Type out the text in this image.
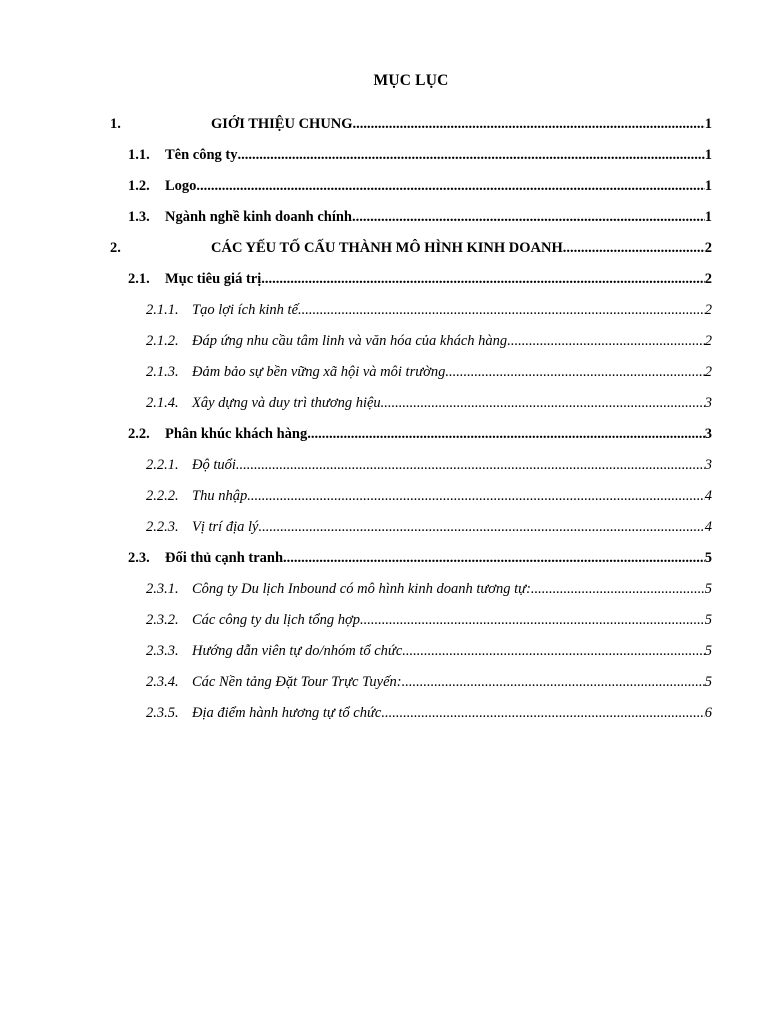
MỤC LỤC
1.	GIỚI THIỆU CHUNG .....	1
1.1.	Tên công ty .....	1
1.2.	Logo .....	1
1.3.	Ngành nghề kinh doanh chính .....	1
2.	CÁC YẾU TỐ CẤU THÀNH MÔ HÌNH KINH DOANH .....	2
2.1.	Mục tiêu giá trị .....	2
2.1.1. Tạo lợi ích kinh tế .....	2
2.1.2. Đáp ứng nhu cầu tâm linh và văn hóa của khách hàng .....	2
2.1.3. Đảm bảo sự bền vững xã hội và môi trường .....	2
2.1.4. Xây dựng và duy trì thương hiệu .....	3
2.2.	Phân khúc khách hàng .....	3
2.2.1. Độ tuổi .....	3
2.2.2. Thu nhập .....	4
2.2.3. Vị trí địa lý .....	4
2.3.	Đối thủ cạnh tranh .....	5
2.3.1. Công ty Du lịch Inbound có mô hình kinh doanh tương tự: .....	5
2.3.2. Các công ty du lịch tổng hợp .....	5
2.3.3. Hướng dẫn viên tự do/nhóm tổ chức .....	5
2.3.4. Các Nền tảng Đặt Tour Trực Tuyến: .....	5
2.3.5. Địa điểm hành hương tự tổ chức .....	6
